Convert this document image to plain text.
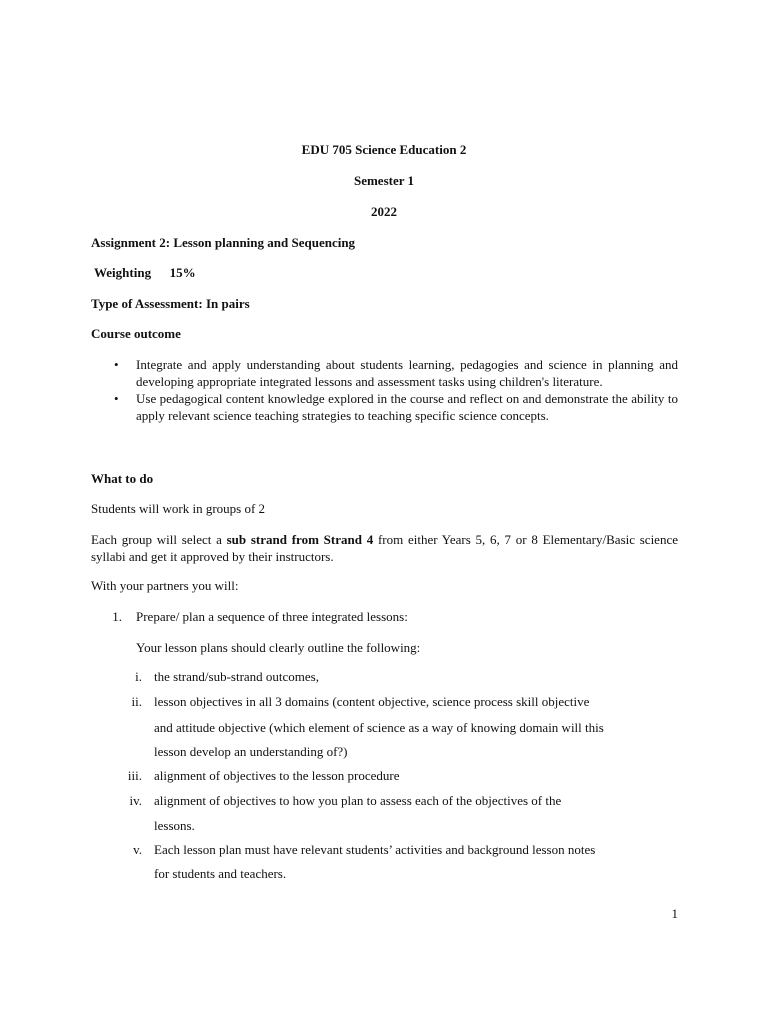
EDU 705 Science Education 2

Semester 1

2022

Assignment 2: Lesson planning and Sequencing

Weighting 15%

Type of Assessment: In pairs

Course outcome

• Integrate and apply understanding about students learning, pedagogies and science in planning and developing appropriate integrated lessons and assessment tasks using children's literature.
• Use pedagogical content knowledge explored in the course and reflect on and demonstrate the ability to apply relevant science teaching strategies to teaching specific science concepts.

What to do

Students will work in groups of 2

Each group will select a sub strand from Strand 4 from either Years 5, 6, 7 or 8 Elementary/Basic science syllabi and get it approved by their instructors.

With your partners you will:

1. Prepare/ plan a sequence of three integrated lessons:

Your lesson plans should clearly outline the following:

i. the strand/sub-strand outcomes,

ii. lesson objectives in all 3 domains (content objective, science process skill objective

and attitude objective (which element of science as a way of knowing domain will this

lesson develop an understanding of?)

iii. alignment of objectives to the lesson procedure

iv. alignment of objectives to how you plan to assess each of the objectives of the

lessons.

v. Each lesson plan must have relevant students’ activities and background lesson notes

for students and teachers.

1
